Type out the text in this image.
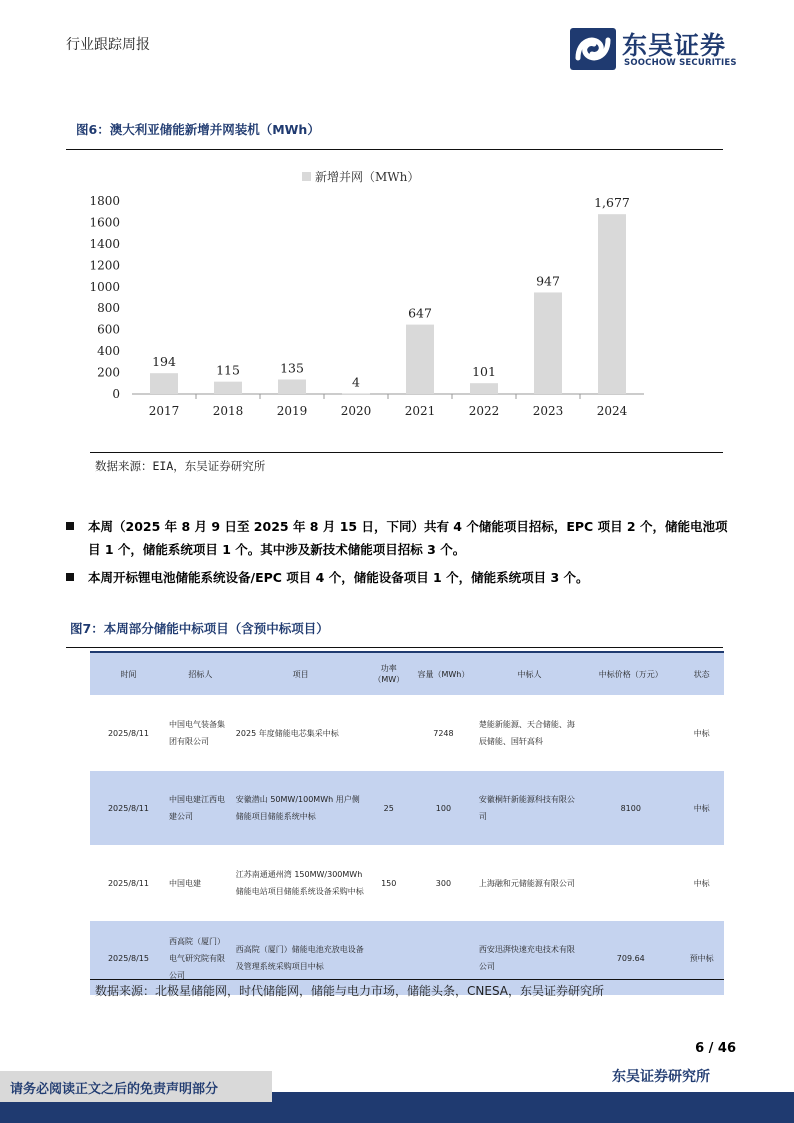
行业跟踪周报	东吴证券
SOOCHOW SECURITIES
图6：澳大利亚储能新增并网装机（MWh）
新增并网（MWh）
0
200
400
600
800
1000
1200
1400
1600
1800
2017	2018	2019	2020	2021	2022	2023	2024
194
115	135
4
647
101
947
1,677
数据来源：EIA，东吴证券研究所
本周（2025 年 8 月 9 日至 2025 年 8 月 15 日，下同）共有 4 个储能项目招标，EPC 项目 2 个，储能电池项目 1 个，储能系统项目 1 个。其中涉及新技术储能项目招标 3 个。
本周开标锂电池储能系统设备/EPC 项目 4 个，储能设备项目 1 个，储能系统项目 3 个。
图7：本周部分储能中标项目（含预中标项目）
时间	招标人	项目	功率（MW）	容量（MWh）	中标人	中标价格（万元）	状态
2025/8/11	中国电气装备集团有限公司	2025 年度储能电芯集采中标		7248	楚能新能源、天合储能、海辰储能、国轩高科		中标
2025/8/11	中国电建江西电建公司	安徽潜山 50MW/100MWh 用户侧储能项目储能系统中标	25	100	安徽桐轩新能源科技有限公司	8100	中标
2025/8/11	中国电建	江苏南通通州湾 150MW/300MWh 储能电站项目储能系统设备采购中标	150	300	上海融和元储能源有限公司		中标
2025/8/15	西高院（厦门）电气研究院有限公司	西高院（厦门）储能电池充放电设备及管理系统采购项目中标			西安迅湃快速充电技术有限公司	709.64	预中标
数据来源：北极星储能网，时代储能网，储能与电力市场，储能头条，CNESA，东吴证券研究所
6 / 46
东吴证券研究所
请务必阅读正文之后的免责声明部分
